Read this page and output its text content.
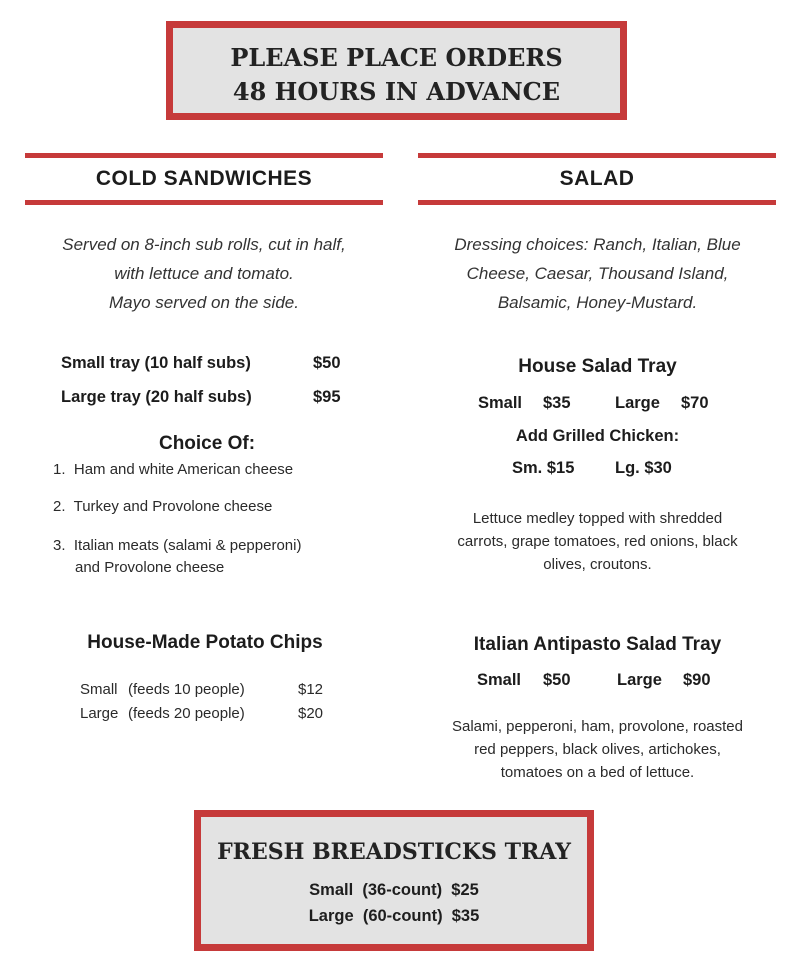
PLEASE PLACE ORDERS
48 HOURS IN ADVANCE
COLD SANDWICHES	SALAD
Served on 8-inch sub rolls, cut in half,
with lettuce and tomato.
Mayo served on the side.
Small tray (10 half subs)	$50
Large tray (20 half subs)	$95
Choice Of:
1. Ham and white American cheese
2. Turkey and Provolone cheese
3. Italian meats (salami & pepperoni)
and Provolone cheese
House-Made Potato Chips
Small (feeds 10 people)	$12
Large (feeds 20 people)	$20
Dressing choices: Ranch, Italian, Blue
Cheese, Caesar, Thousand Island,
Balsamic, Honey-Mustard.
House Salad Tray
Small $35	Large $70
Add Grilled Chicken:
Sm. $15 Lg. $30
Lettuce medley topped with shredded
carrots, grape tomatoes, red onions, black
olives, croutons.
Italian Antipasto Salad Tray
Small $50	Large $90
Salami, pepperoni, ham, provolone, roasted
red peppers, black olives, artichokes,
tomatoes on a bed of lettuce.
FRESH BREADSTICKS TRAY
Small  (36-count)  $25
Large  (60-count)  $35
